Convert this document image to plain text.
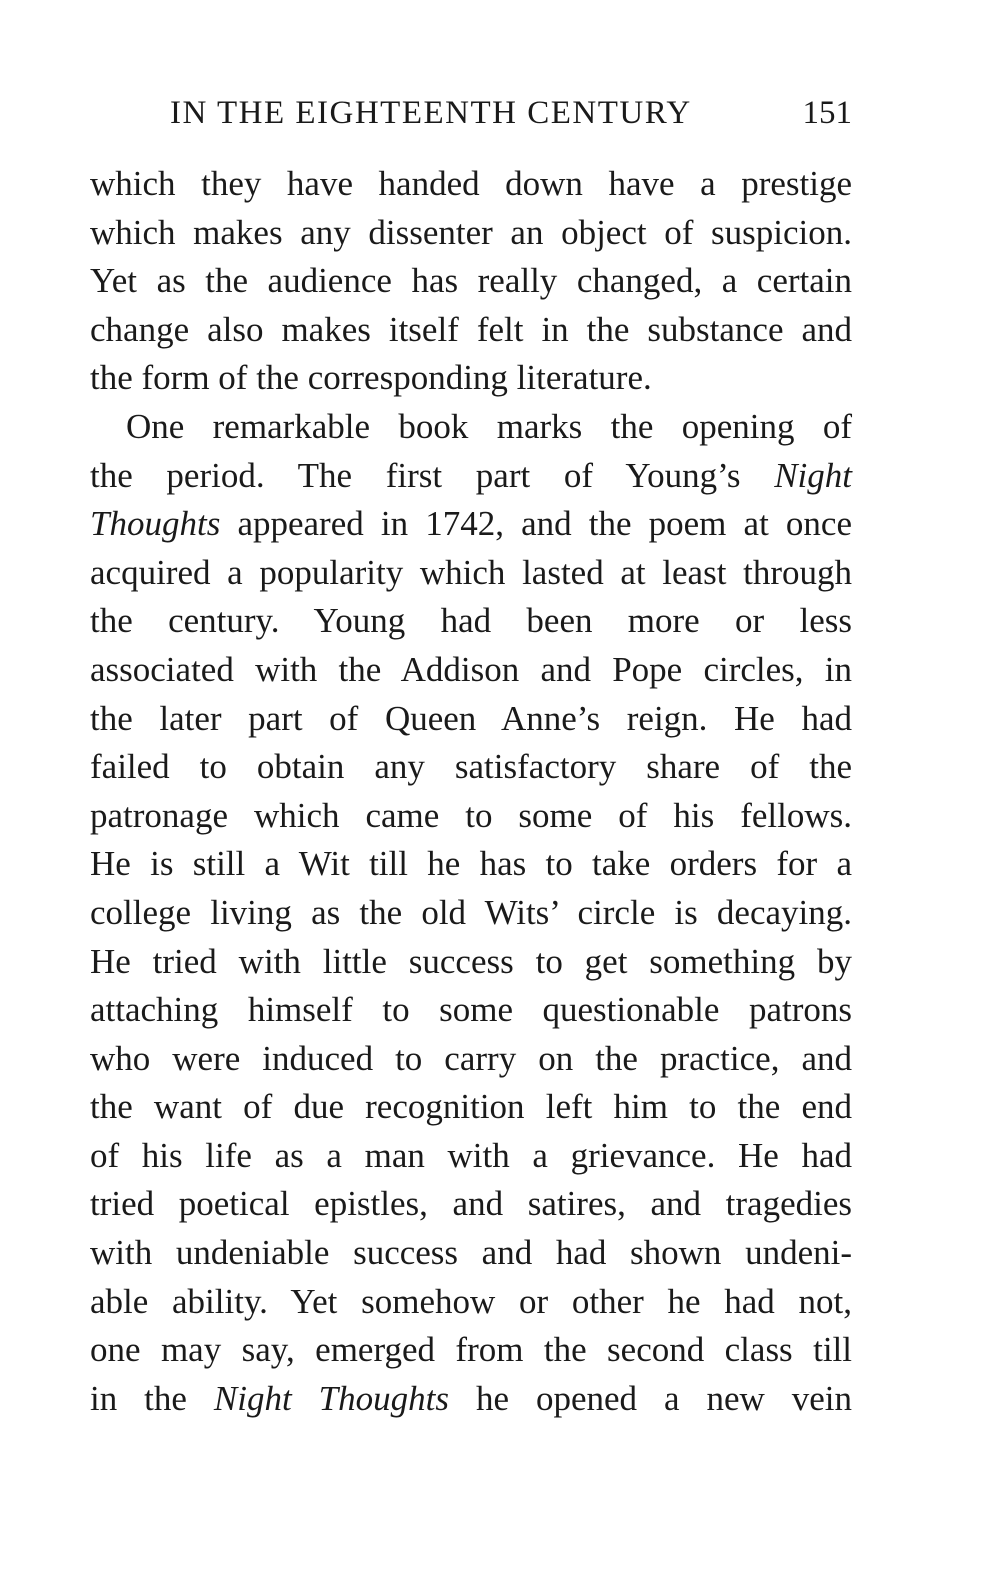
IN THE EIGHTEENTH CENTURY	151
which they have handed down have a prestige
which makes any dissenter an object of suspicion.
Yet as the audience has really changed, a certain
change also makes itself felt in the substance and
the form of the corresponding literature.
One remarkable book marks the opening of
the period. The first part of Young’s Night
Thoughts appeared in 1742, and the poem at once
acquired a popularity which lasted at least through
the century. Young had been more or less
associated with the Addison and Pope circles, in
the later part of Queen Anne’s reign. He had
failed to obtain any satisfactory share of the
patronage which came to some of his fellows.
He is still a Wit till he has to take orders for a
college living as the old Wits’ circle is decaying.
He tried with little success to get something by
attaching himself to some questionable patrons
who were induced to carry on the practice, and
the want of due recognition left him to the end
of his life as a man with a grievance. He had
tried poetical epistles, and satires, and tragedies
with undeniable success and had shown undeni-
able ability. Yet somehow or other he had not,
one may say, emerged from the second class till
in the Night Thoughts he opened a new vein
